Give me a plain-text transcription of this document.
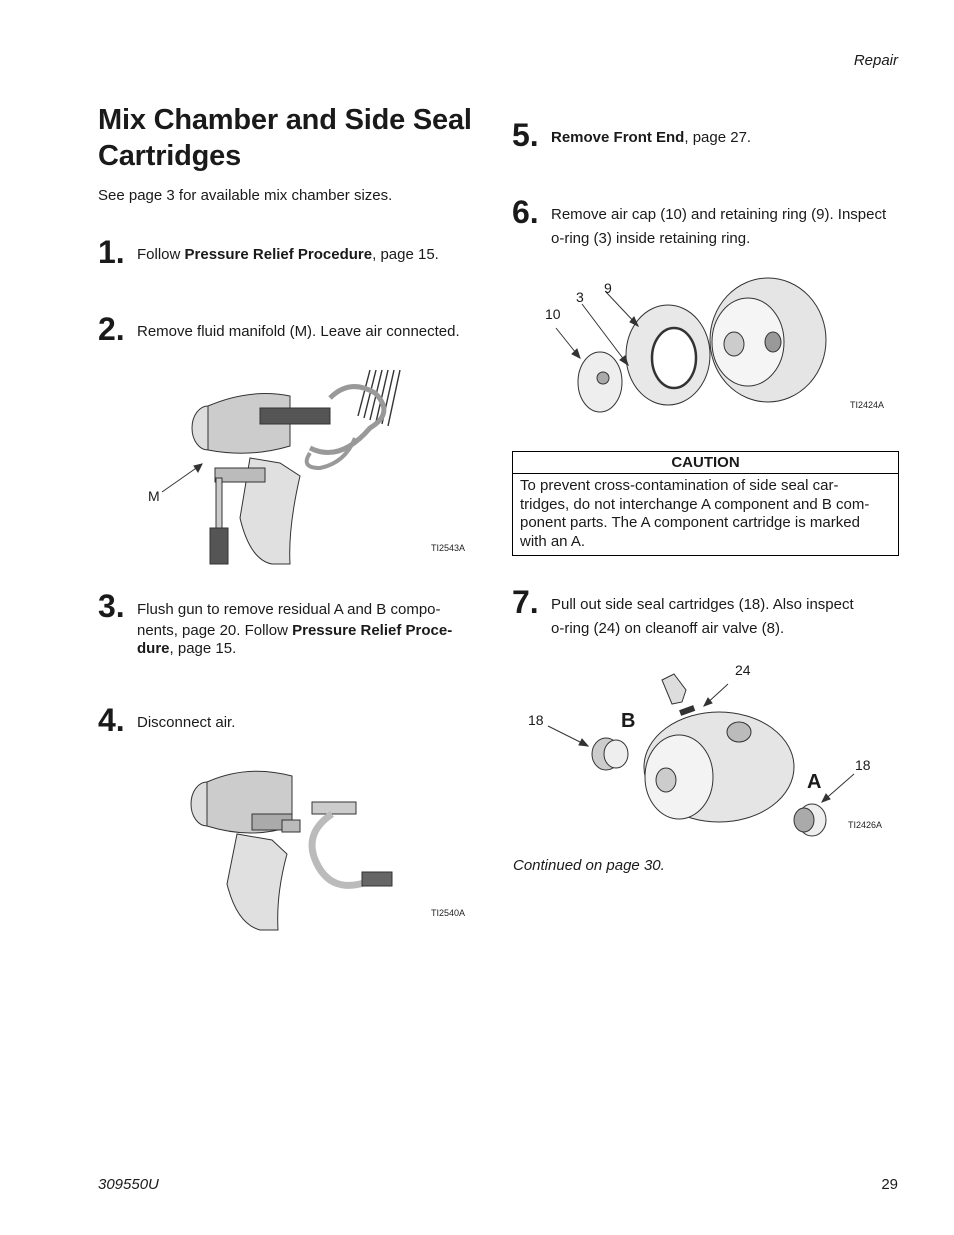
Repair
Mix Chamber and Side Seal Cartridges
See page 3 for available mix chamber sizes.
1. Follow Pressure Relief Procedure, page 15.
2. Remove fluid manifold (M). Leave air connected.
M
TI2543A
3. Flush gun to remove residual A and B compo-
nents, page 20. Follow Pressure Relief Proce-
dure, page 15.
4. Disconnect air.
TI2540A
5. Remove Front End, page 27.
6. Remove air cap (10) and retaining ring (9). Inspect
o-ring (3) inside retaining ring.
10
3
9
TI2424A
CAUTION
To prevent cross-contamination of side seal car-
tridges, do not interchange A component and B com-
ponent parts. The A component cartridge is marked
with an A.
7. Pull out side seal cartridges (18). Also inspect
o-ring (24) on cleanoff air valve (8).
24
18	B
18
A
TI2426A
Continued on page 30.
309550U	29
